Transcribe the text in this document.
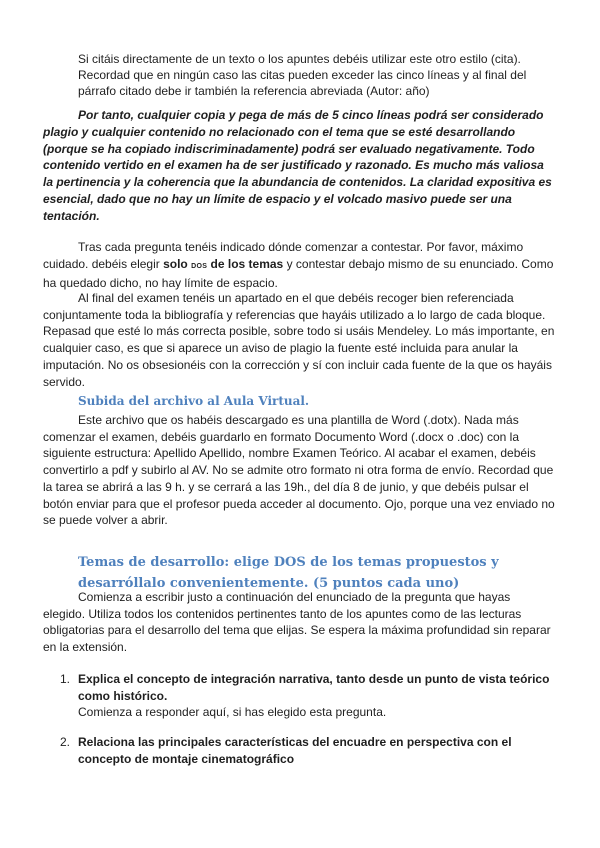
Si citáis directamente de un texto o los apuntes debéis utilizar este otro estilo (cita). Recordad que en ningún caso las citas pueden exceder las cinco líneas y al final del párrafo citado debe ir también la referencia abreviada (Autor: año)

Por tanto, cualquier copia y pega de más de 5 cinco líneas podrá ser considerado plagio y cualquier contenido no relacionado con el tema que se esté desarrollando (porque se ha copiado indiscriminadamente) podrá ser evaluado negativamente. Todo contenido vertido en el examen ha de ser justificado y razonado. Es mucho más valiosa la pertinencia y la coherencia que la abundancia de contenidos. La claridad expositiva es esencial, dado que no hay un límite de espacio y el volcado masivo puede ser una tentación.

Tras cada pregunta tenéis indicado dónde comenzar a contestar. Por favor, máximo cuidado. debéis elegir solo DOS de los temas y contestar debajo mismo de su enunciado. Como ha quedado dicho, no hay límite de espacio.

Al final del examen tenéis un apartado en el que debéis recoger bien referenciada conjuntamente toda la bibliografía y referencias que hayáis utilizado a lo largo de cada bloque. Repasad que esté lo más correcta posible, sobre todo si usáis Mendeley. Lo más importante, en cualquier caso, es que si aparece un aviso de plagio la fuente esté incluida para anular la imputación. No os obsesionéis con la corrección y sí con incluir cada fuente de la que os hayáis servido.

Subida del archivo al Aula Virtual.

Este archivo que os habéis descargado es una plantilla de Word (.dotx). Nada más comenzar el examen, debéis guardarlo en formato Documento Word (.docx o .doc) con la siguiente estructura: Apellido Apellido, nombre Examen Teórico. Al acabar el examen, debéis convertirlo a pdf y subirlo al AV. No se admite otro formato ni otra forma de envío. Recordad que la tarea se abrirá a las 9 h. y se cerrará a las 19h., del día 8 de junio, y que debéis pulsar el botón enviar para que el profesor pueda acceder al documento. Ojo, porque una vez enviado no se puede volver a abrir.

Temas de desarrollo: elige DOS de los temas propuestos y desarróllalo convenientemente. (5 puntos cada uno)

Comienza a escribir justo a continuación del enunciado de la pregunta que hayas elegido. Utiliza todos los contenidos pertinentes tanto de los apuntes como de las lecturas obligatorias para el desarrollo del tema que elijas. Se espera la máxima profundidad sin reparar en la extensión.

1. Explica el concepto de integración narrativa, tanto desde un punto de vista teórico como histórico.

Comienza a responder aquí, si has elegido esta pregunta.

2. Relaciona las principales características del encuadre en perspectiva con el concepto de montaje cinematográfico
